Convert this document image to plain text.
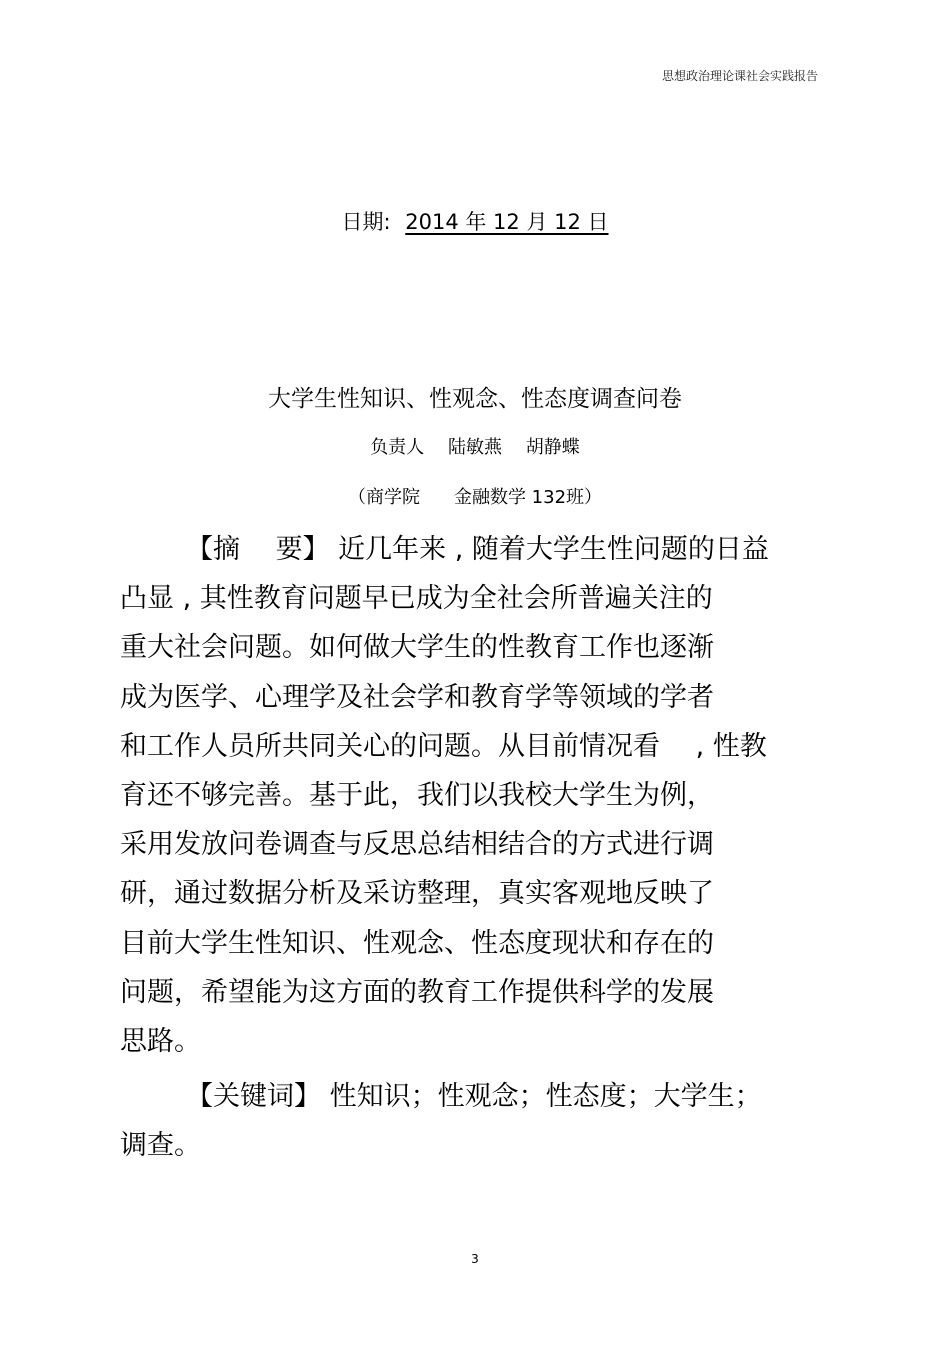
思想政治理论课社会实践报告
日期: 2014 年 12 月 12 日
大学生性知识、性观念、性态度调查问卷
负责人 陆敏燕 胡静蝶
（商学院 金融数学 132班）
【摘　 要】 近几年来 , 随着大学生性问题的日益
凸显 , 其性教育问题早已成为全社会所普遍关注的
重大社会问题。如何做大学生的性教育工作也逐渐
成为医学、心理学及社会学和教育学等领域的学者
和工作人员所共同关心的问题。从目前情况看　 , 性教
育还不够完善。基于此，我们以我校大学生为例，
采用发放问卷调查与反思总结相结合的方式进行调
研，通过数据分析及采访整理，真实客观地反映了
目前大学生性知识、性观念、性态度现状和存在的
问题，希望能为这方面的教育工作提供科学的发展
思路。
【关键词】 性知识；性观念；性态度；大学生；
调查。
3
